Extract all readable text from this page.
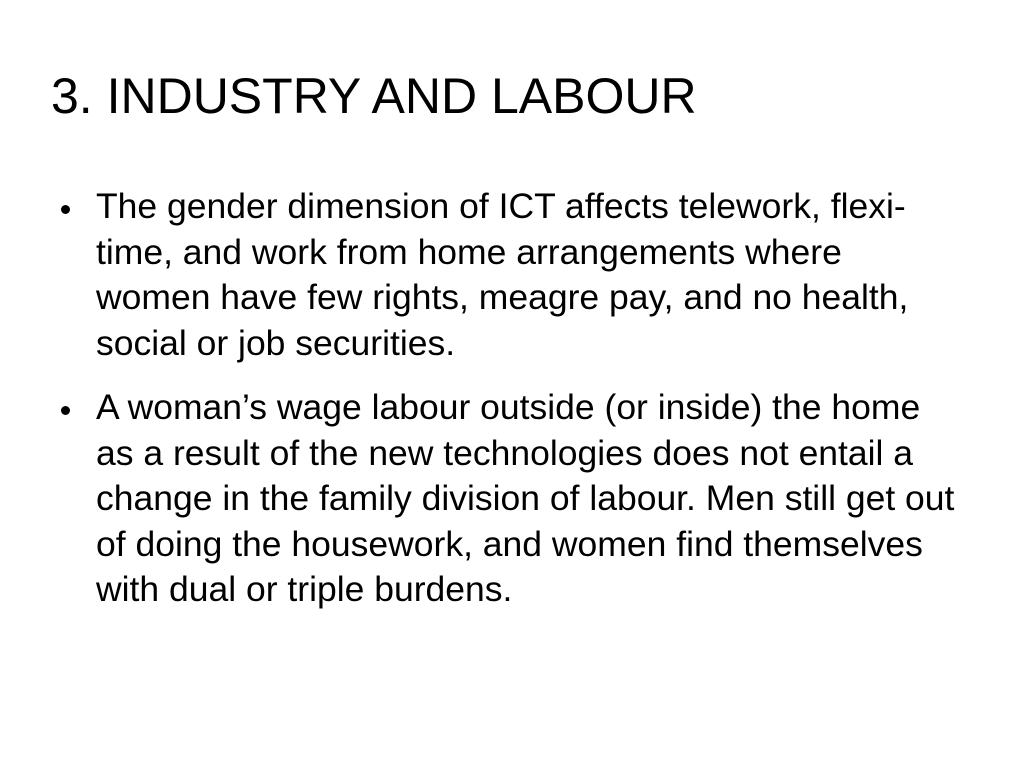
3. INDUSTRY AND LABOUR
The gender dimension of ICT affects telework, flexi-time, and work from home arrangements where women have few rights, meagre pay, and no health, social or job securities.
A woman’s wage labour outside (or inside) the home as a result of the new technologies does not entail a change in the family division of labour. Men still get out of doing the housework, and women find themselves with dual or triple burdens.
